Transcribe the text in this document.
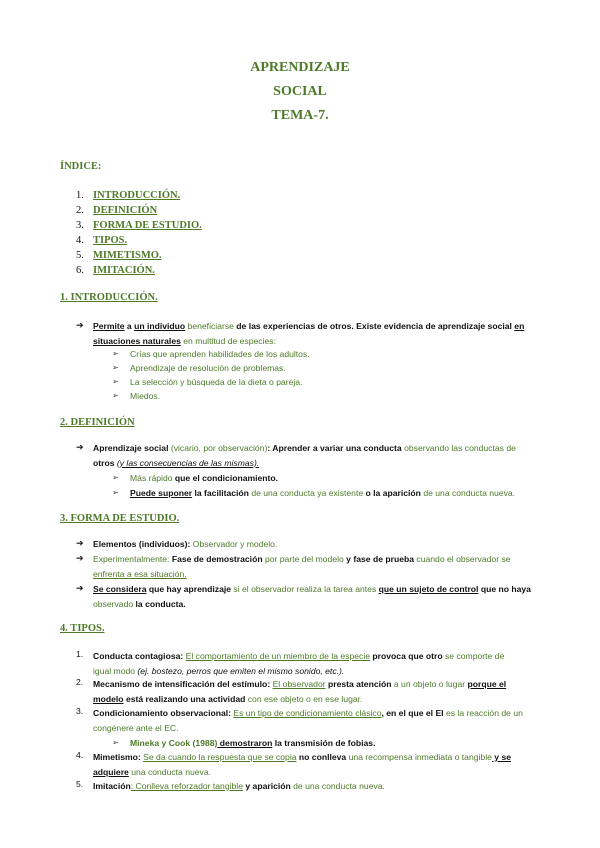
APRENDIZAJE
SOCIAL
TEMA-7.
ÍNDICE:
1. INTRODUCCIÓN.
2. DEFINICIÓN
3. FORMA DE ESTUDIO.
4. TIPOS.
5. MIMETISMO.
6. IMITACIÓN.
1. INTRODUCCIÓN.
➔ Permite a un individuo beneficiarse de las experiencias de otros. Existe evidencia de aprendizaje social en
situaciones naturales en multitud de especies:
➢ Crías que aprenden habilidades de los adultos.
➢ Aprendizaje de resolución de problemas.
➢ La selección y búsqueda de la dieta o pareja.
➢ Miedos.
2. DEFINICIÓN
➔ Aprendizaje social (vicario, por observación): Aprender a variar una conducta observando las conductas de
otros (y las consecuencias de las mismas).
➢ Más rápido que el condicionamiento.
➢ Puede suponer la facilitación de una conducta ya existente o la aparición de una conducta nueva.
3. FORMA DE ESTUDIO.
➔ Elementos (individuos): Observador y modelo.
➔ Experimentalmente: Fase de demostración por parte del modelo y fase de prueba cuando el observador se
enfrenta a esa situación.
➔ Se considera que hay aprendizaje si el observador realiza la tarea antes que un sujeto de control que no haya
observado la conducta.
4. TIPOS.
1. Conducta contagiosa: El comportamiento de un miembro de la especie provoca que otro se comporte de
igual modo (ej. bostezo, perros que emiten el mismo sonido, etc.).
2. Mecanismo de intensificación del estímulo: El observador presta atención a un objeto o lugar porque el
modelo está realizando una actividad con ese objeto o en ese lugar.
3. Condicionamiento observacional: Es un tipo de condicionamiento clásico, en el que el EI es la reacción de un
congénere ante el EC.
➢ Mineka y Cook (1988) demostraron la transmisión de fobias.
4. Mimetismo: Se da cuando la respuesta que se copia no conlleva una recompensa inmediata o tangible y se
adquiere una conducta nueva.
5. Imitación: Conlleva reforzador tangible y aparición de una conducta nueva.
